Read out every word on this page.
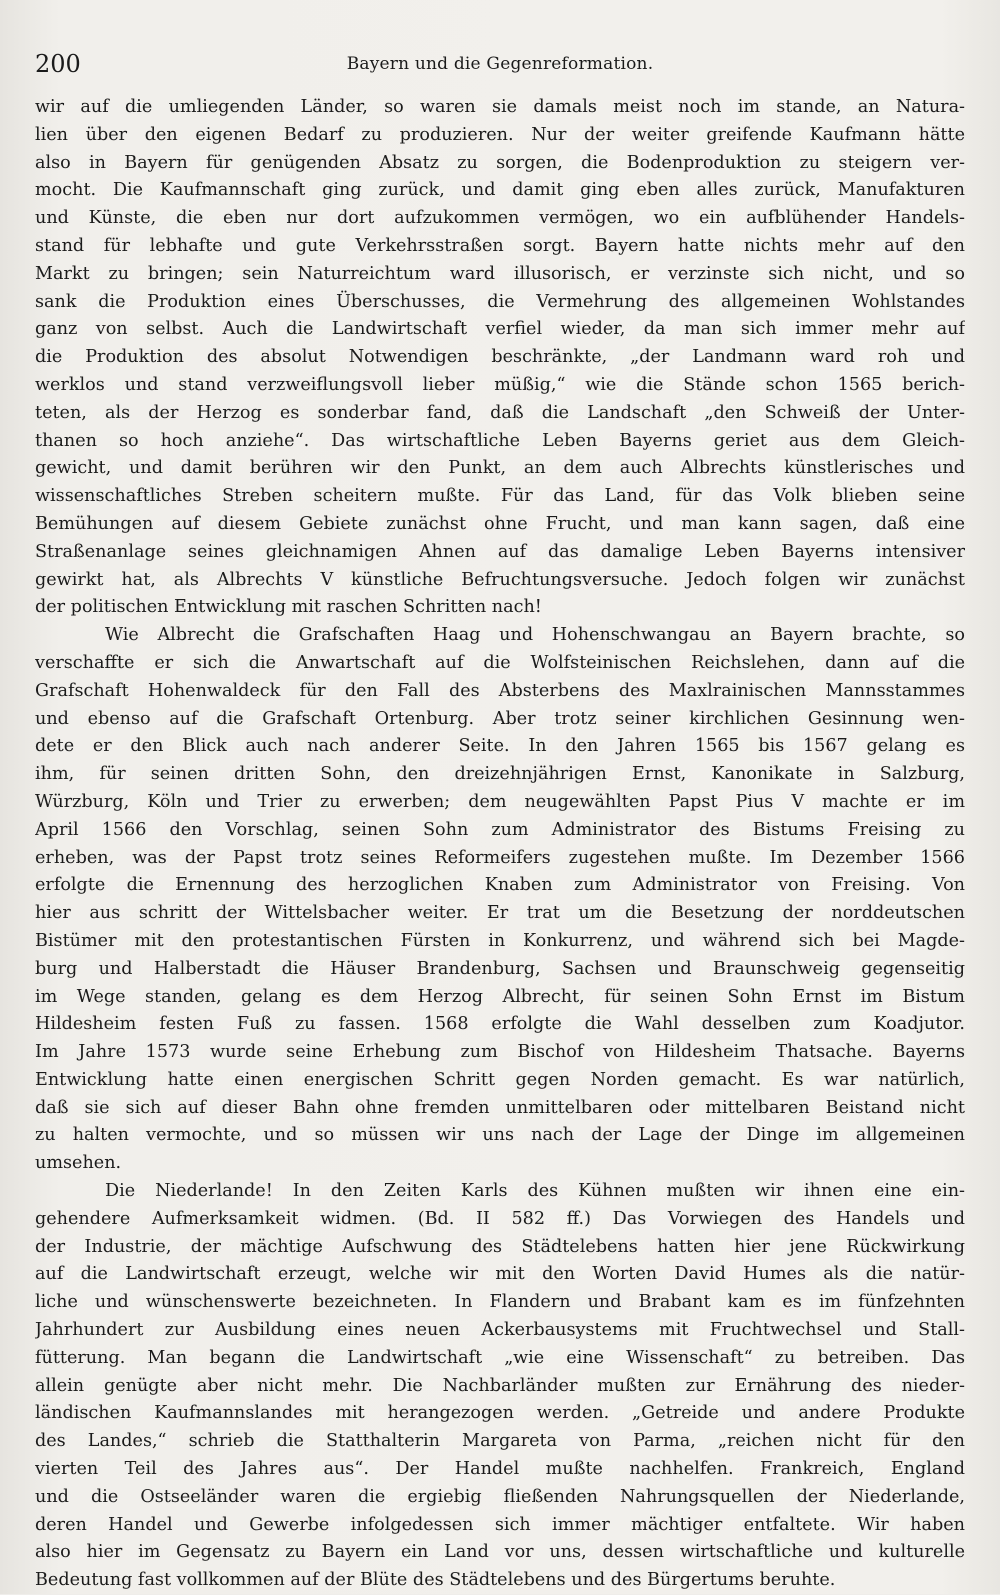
200	Bayern und die Gegenreformation.
wir auf die umliegenden Länder, so waren sie damals meist noch im stande, an Natura-
lien über den eigenen Bedarf zu produzieren. Nur der weiter greifende Kaufmann hätte
also in Bayern für genügenden Absatz zu sorgen, die Bodenproduktion zu steigern ver-
mocht. Die Kaufmannschaft ging zurück, und damit ging eben alles zurück, Manufakturen
und Künste, die eben nur dort aufzukommen vermögen, wo ein aufblühender Handels-
stand für lebhafte und gute Verkehrsstraßen sorgt. Bayern hatte nichts mehr auf den
Markt zu bringen; sein Naturreichtum ward illusorisch, er verzinste sich nicht, und so
sank die Produktion eines Überschusses, die Vermehrung des allgemeinen Wohlstandes
ganz von selbst. Auch die Landwirtschaft verfiel wieder, da man sich immer mehr auf
die Produktion des absolut Notwendigen beschränkte, „der Landmann ward roh und
werklos und stand verzweiflungsvoll lieber müßig,“ wie die Stände schon 1565 berich-
teten, als der Herzog es sonderbar fand, daß die Landschaft „den Schweiß der Unter-
thanen so hoch anziehe“. Das wirtschaftliche Leben Bayerns geriet aus dem Gleich-
gewicht, und damit berühren wir den Punkt, an dem auch Albrechts künstlerisches und
wissenschaftliches Streben scheitern mußte. Für das Land, für das Volk blieben seine
Bemühungen auf diesem Gebiete zunächst ohne Frucht, und man kann sagen, daß eine
Straßenanlage seines gleichnamigen Ahnen auf das damalige Leben Bayerns intensiver
gewirkt hat, als Albrechts V künstliche Befruchtungsversuche. Jedoch folgen wir zunächst
der politischen Entwicklung mit raschen Schritten nach!
Wie Albrecht die Grafschaften Haag und Hohenschwangau an Bayern brachte, so
verschaffte er sich die Anwartschaft auf die Wolfsteinischen Reichslehen, dann auf die
Grafschaft Hohenwaldeck für den Fall des Absterbens des Maxlrainischen Mannsstammes
und ebenso auf die Grafschaft Ortenburg. Aber trotz seiner kirchlichen Gesinnung wen-
dete er den Blick auch nach anderer Seite. In den Jahren 1565 bis 1567 gelang es
ihm, für seinen dritten Sohn, den dreizehnjährigen Ernst, Kanonikate in Salzburg,
Würzburg, Köln und Trier zu erwerben; dem neugewählten Papst Pius V machte er im
April 1566 den Vorschlag, seinen Sohn zum Administrator des Bistums Freising zu
erheben, was der Papst trotz seines Reformeifers zugestehen mußte. Im Dezember 1566
erfolgte die Ernennung des herzoglichen Knaben zum Administrator von Freising. Von
hier aus schritt der Wittelsbacher weiter. Er trat um die Besetzung der norddeutschen
Bistümer mit den protestantischen Fürsten in Konkurrenz, und während sich bei Magde-
burg und Halberstadt die Häuser Brandenburg, Sachsen und Braunschweig gegenseitig
im Wege standen, gelang es dem Herzog Albrecht, für seinen Sohn Ernst im Bistum
Hildesheim festen Fuß zu fassen. 1568 erfolgte die Wahl desselben zum Koadjutor.
Im Jahre 1573 wurde seine Erhebung zum Bischof von Hildesheim Thatsache. Bayerns
Entwicklung hatte einen energischen Schritt gegen Norden gemacht. Es war natürlich,
daß sie sich auf dieser Bahn ohne fremden unmittelbaren oder mittelbaren Beistand nicht
zu halten vermochte, und so müssen wir uns nach der Lage der Dinge im allgemeinen
umsehen.
Die Niederlande! In den Zeiten Karls des Kühnen mußten wir ihnen eine ein-
gehendere Aufmerksamkeit widmen. (Bd. II 582 ff.) Das Vorwiegen des Handels und
der Industrie, der mächtige Aufschwung des Städtelebens hatten hier jene Rückwirkung
auf die Landwirtschaft erzeugt, welche wir mit den Worten David Humes als die natür-
liche und wünschenswerte bezeichneten. In Flandern und Brabant kam es im fünfzehnten
Jahrhundert zur Ausbildung eines neuen Ackerbausystems mit Fruchtwechsel und Stall-
fütterung. Man begann die Landwirtschaft „wie eine Wissenschaft“ zu betreiben. Das
allein genügte aber nicht mehr. Die Nachbarländer mußten zur Ernährung des nieder-
ländischen Kaufmannslandes mit herangezogen werden. „Getreide und andere Produkte
des Landes,“ schrieb die Statthalterin Margareta von Parma, „reichen nicht für den
vierten Teil des Jahres aus“. Der Handel mußte nachhelfen. Frankreich, England
und die Ostseeländer waren die ergiebig fließenden Nahrungsquellen der Niederlande,
deren Handel und Gewerbe infolgedessen sich immer mächtiger entfaltete. Wir haben
also hier im Gegensatz zu Bayern ein Land vor uns, dessen wirtschaftliche und kulturelle
Bedeutung fast vollkommen auf der Blüte des Städtelebens und des Bürgertums beruhte.
